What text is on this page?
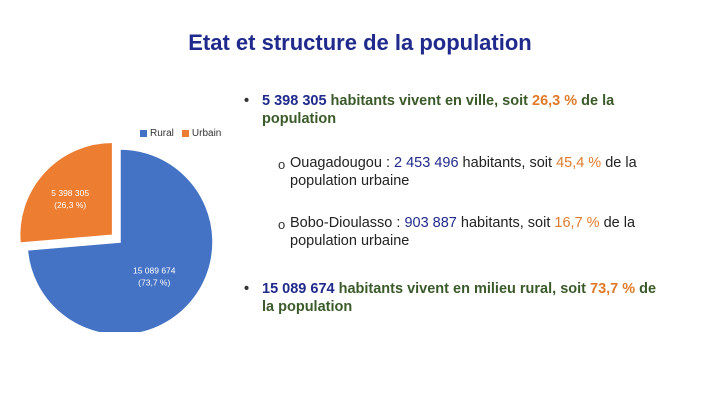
Etat et structure de la population
15 089 674
(73,7 %)
5 398 305
(26,3 %)
Rural	Urbain
• 5 398 305 habitants vivent en ville, soit 26,3 % de la
population
o Ouagadougou : 2 453 496 habitants, soit 45,4 % de la
population urbaine
o Bobo-Dioulasso : 903 887 habitants, soit 16,7 % de la
population urbaine
• 15 089 674 habitants vivent en milieu rural, soit 73,7 % de
la population
